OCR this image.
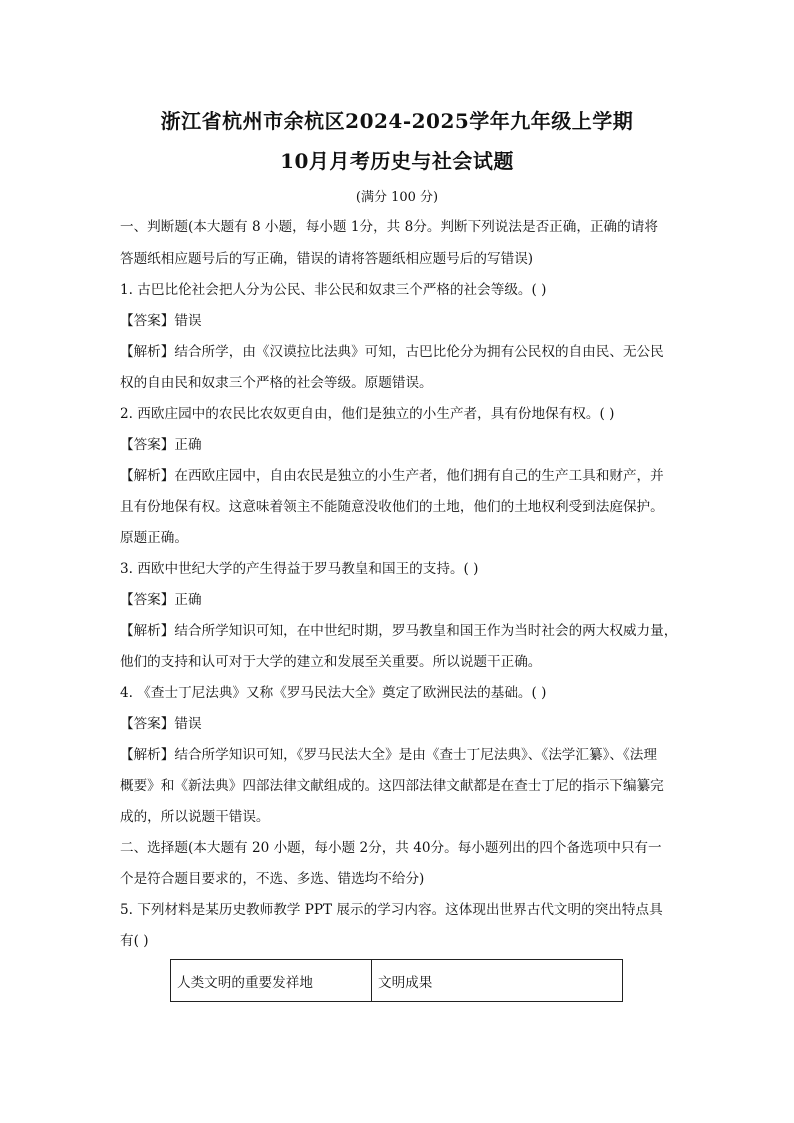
浙江省杭州市余杭区2024-2025学年九年级上学期
10月月考历史与社会试题
(满分 100 分)
一、判断题(本大题有 8 小题，每小题 1分，共 8分。判断下列说法是否正确，正确的请将
答题纸相应题号后的写正确，错误的请将答题纸相应题号后的写错误)
1. 古巴比伦社会把人分为公民、非公民和奴隶三个严格的社会等级。( )
【答案】错误
【解析】结合所学，由《汉谟拉比法典》可知，古巴比伦分为拥有公民权的自由民、无公民
权的自由民和奴隶三个严格的社会等级。原题错误。
2. 西欧庄园中的农民比农奴更自由，他们是独立的小生产者，具有份地保有权。( )
【答案】正确
【解析】在西欧庄园中，自由农民是独立的小生产者，他们拥有自己的生产工具和财产，并
且有份地保有权。这意味着领主不能随意没收他们的土地，他们的土地权利受到法庭保护。
原题正确。
3. 西欧中世纪大学的产生得益于罗马教皇和国王的支持。( )
【答案】正确
【解析】结合所学知识可知，在中世纪时期，罗马教皇和国王作为当时社会的两大权威力量，
他们的支持和认可对于大学的建立和发展至关重要。所以说题干正确。
4. 《查士丁尼法典》又称《罗马民法大全》奠定了欧洲民法的基础。( )
【答案】错误
【解析】结合所学知识可知，《罗马民法大全》是由《查士丁尼法典》、《法学汇纂》、《法理
概要》和《新法典》四部法律文献组成的。这四部法律文献都是在查士丁尼的指示下编纂完
成的，所以说题干错误。
二、选择题(本大题有 20 小题，每小题 2分，共 40分。每小题列出的四个备选项中只有一
个是符合题目要求的，不选、多选、错选均不给分)
5. 下列材料是某历史教师教学 PPT 展示的学习内容。这体现出世界古代文明的突出特点具
有( )
人类文明的重要发祥地	文明成果
